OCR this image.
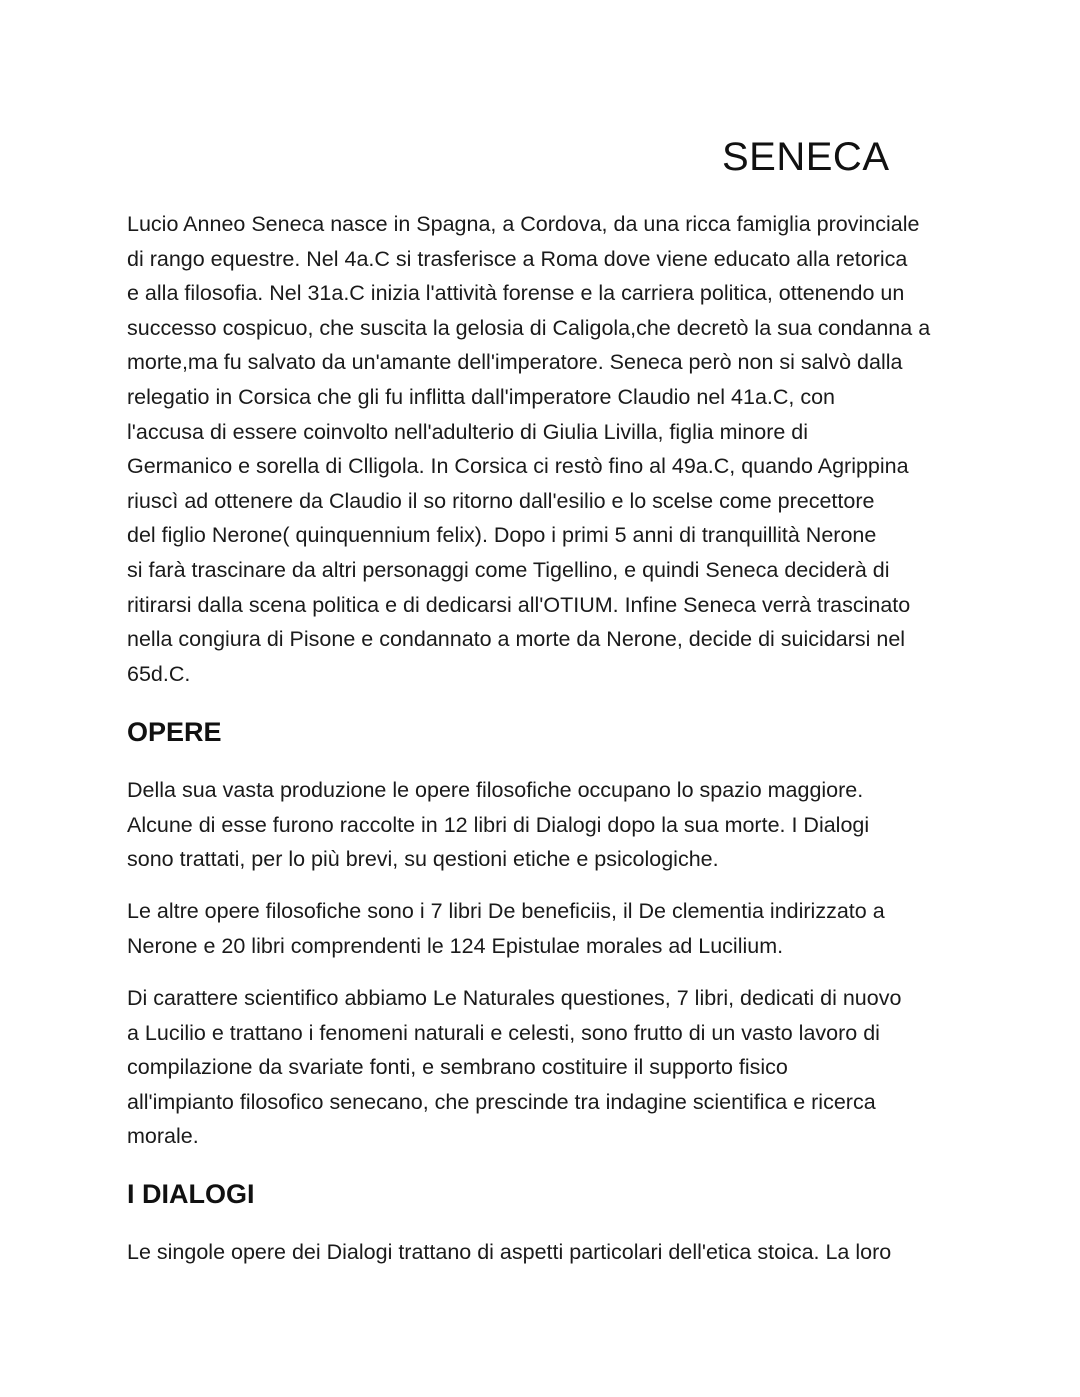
SENECA

Lucio Anneo Seneca nasce in Spagna, a Cordova, da una ricca famiglia provinciale
di rango equestre. Nel 4a.C si trasferisce a Roma dove viene educato alla retorica
e alla filosofia. Nel 31a.C inizia l'attività forense e la carriera politica, ottenendo un
successo cospicuo, che suscita la gelosia di Caligola,che decretò la sua condanna a
morte,ma fu salvato da un'amante dell'imperatore. Seneca però non si salvò dalla
relegatio in Corsica che gli fu inflitta dall'imperatore Claudio nel 41a.C, con
l'accusa di essere coinvolto nell'adulterio di Giulia Livilla, figlia minore di
Germanico e sorella di Clligola. In Corsica ci restò fino al 49a.C, quando Agrippina
riuscì ad ottenere da Claudio il so ritorno dall'esilio e lo scelse come precettore
del figlio Nerone( quinquennium felix). Dopo i primi 5 anni di tranquillità Nerone
si farà trascinare da altri personaggi come Tigellino, e quindi Seneca deciderà di
ritirarsi dalla scena politica e di dedicarsi all'OTIUM. Infine Seneca verrà trascinato
nella congiura di Pisone e condannato a morte da Nerone, decide di suicidarsi nel
65d.C.

OPERE

Della sua vasta produzione le opere filosofiche occupano lo spazio maggiore.
Alcune di esse furono raccolte in 12 libri di Dialogi dopo la sua morte. I Dialogi
sono trattati, per lo più brevi, su qestioni etiche e psicologiche.

Le altre opere filosofiche sono i 7 libri De beneficiis, il De clementia indirizzato a
Nerone e 20 libri comprendenti le 124 Epistulae morales ad Lucilium.

Di carattere scientifico abbiamo Le Naturales questiones, 7 libri, dedicati di nuovo
a Lucilio e trattano i fenomeni naturali e celesti, sono frutto di un vasto lavoro di
compilazione da svariate fonti, e sembrano costituire il supporto fisico
all'impianto filosofico senecano, che prescinde tra indagine scientifica e ricerca
morale.

I DIALOGI

Le singole opere dei Dialogi trattano di aspetti particolari dell'etica stoica. La loro
